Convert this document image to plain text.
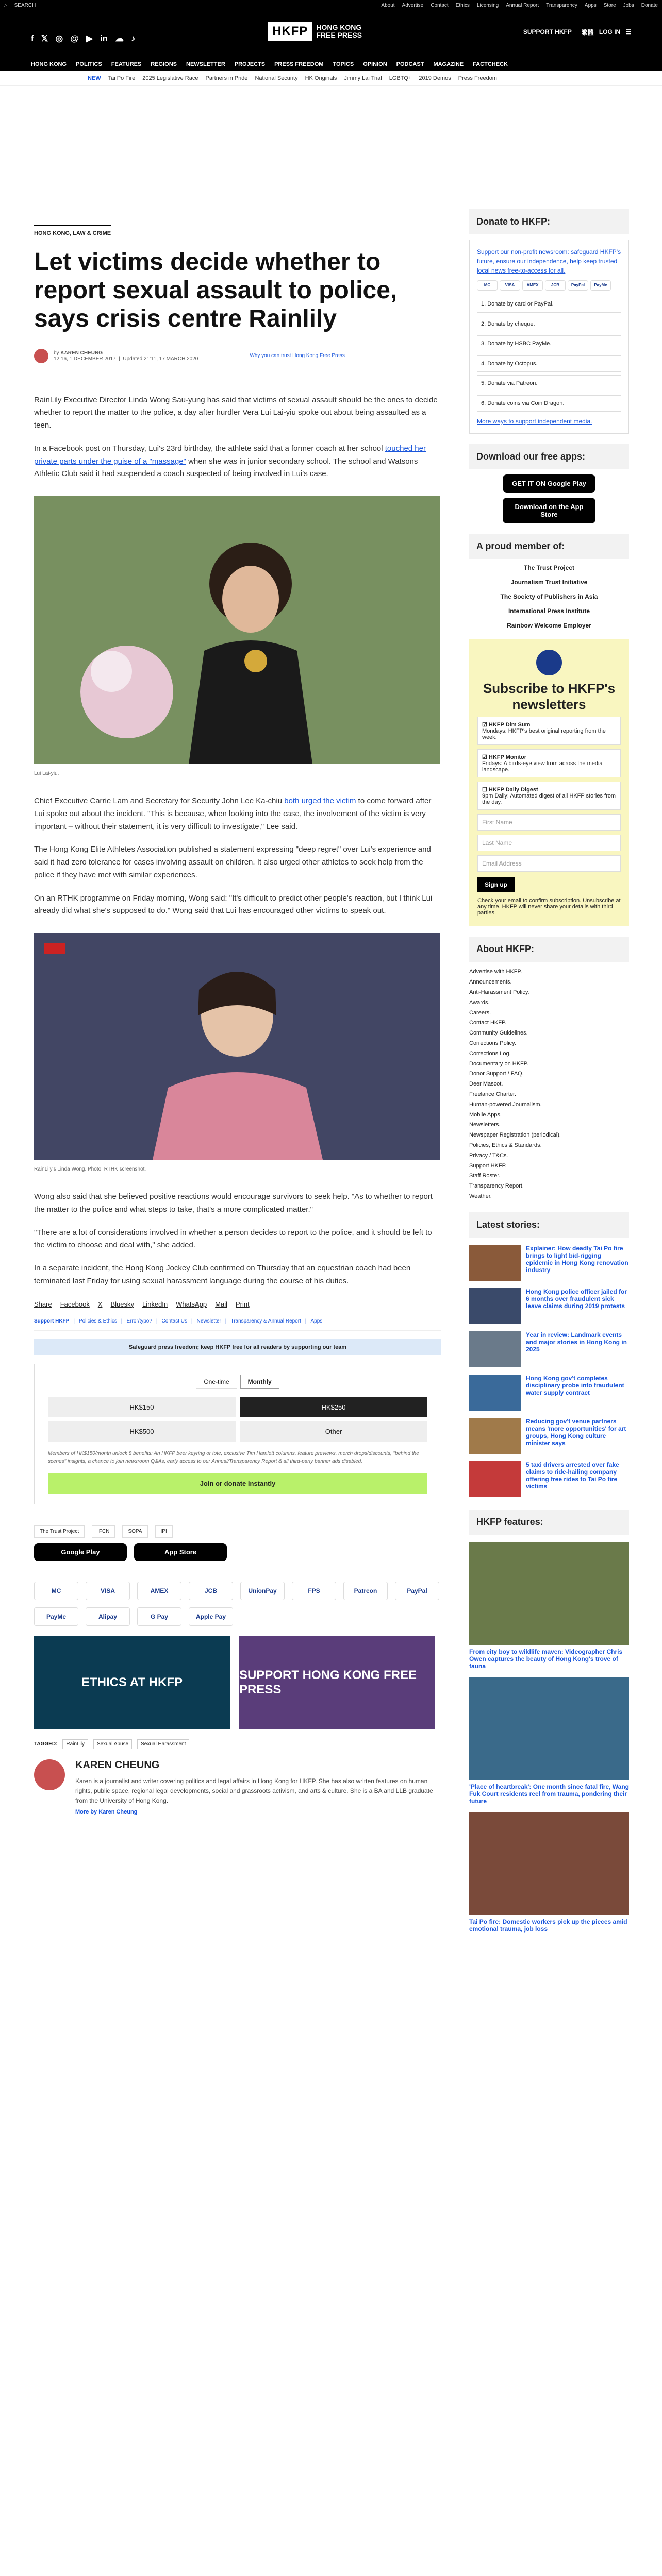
⌕ SEARCH	About Advertise Contact Ethics Licensing Annual Report Transparency Apps Store Jobs Donate
f 𝕏 ◎ @ ▶ in ☁ ♪
HKFP	HONG KONG
FREE PRESS	SUPPORT HKFP	繁體 LOG IN ☰
HONG KONG POLITICS FEATURES REGIONS NEWSLETTER PROJECTS PRESS FREEDOM TOPICS OPINION PODCAST MAGAZINE FACTCHECK
NEW Tai Po Fire 2025 Legislative Race Partners in Pride National Security HK Originals Jimmy Lai Trial LGBTQ+ 2019 Demos Press Freedom
HONG KONG, LAW & CRIME
Let victims decide whether to report sexual assault to police, says crisis centre Rainlily
by KAREN CHEUNG
12:16, 1 DECEMBER 2017  |  Updated 21:11, 17 MARCH 2020	Why you can trust Hong Kong Free Press

RainLily Executive Director Linda Wong Sau-yung has said that victims of sexual assault should be the ones to decide whether to report the matter to the police, a day after hurdler Vera Lui Lai-yiu spoke out about being assaulted as a teen.

In a Facebook post on Thursday, Lui's 23rd birthday, the athlete said that a former coach at her school touched her private parts under the guise of a "massage" when she was in junior secondary school. The school and Watsons Athletic Club said it had suspended a coach suspected of being involved in Lui's case.

Lui Lai-yiu.

Chief Executive Carrie Lam and Secretary for Security John Lee Ka-chiu both urged the victim to come forward after Lui spoke out about the incident. "This is because, when looking into the case, the involvement of the victim is very important – without their statement, it is very difficult to investigate," Lee said.

The Hong Kong Elite Athletes Association published a statement expressing "deep regret" over Lui's experience and said it had zero tolerance for cases involving assault on children. It also urged other athletes to seek help from the police if they have met with similar experiences.

On an RTHK programme on Friday morning, Wong said: "It's difficult to predict other people's reaction, but I think Lui already did what she's supposed to do." Wong said that Lui has encouraged other victims to speak out.

RainLily's Linda Wong. Photo: RTHK screenshot.

Wong also said that she believed positive reactions would encourage survivors to seek help. "As to whether to report the matter to the police and what steps to take, that's a more complicated matter."

"There are a lot of considerations involved in whether a person decides to report to the police, and it should be left to the victim to choose and deal with," she added.

In a separate incident, the Hong Kong Jockey Club confirmed on Thursday that an equestrian coach had been terminated last Friday for using sexual harassment language during the course of his duties.

Share Facebook X Bluesky LinkedIn WhatsApp Mail Print
Support HKFP | Policies & Ethics | Error/typo? | Contact Us | Newsletter | Transparency & Annual Report | Apps
Safeguard press freedom; keep HKFP free for all readers by supporting our team
One-time	Monthly
HK$150	HK$250
HK$500	Other
Members of HK$150/month unlock 8 benefits: An HKFP beer keyring or tote, exclusive Tim Hamlett columns, feature previews, merch drops/discounts, "behind the scenes" insights, a chance to join newsroom Q&As, early access to our Annual/Transparency Report & all third-party banner ads disabled.
Join or donate instantly
The Trust Project	IFCN	SOPA	IPI
Google Play	App Store
MC	VISA	AMEX	JCB	UnionPay	FPS	Patreon	PayPal
PayMe	Alipay	G Pay	Apple Pay
ETHICS AT HKFP
SUPPORT HONG KONG FREE PRESS
TAGGED:	RainLily	Sexual Abuse	Sexual Harassment
KAREN CHEUNG

Karen is a journalist and writer covering politics and legal affairs in Hong Kong for HKFP. She has also written features on human rights, public space, regional legal developments, social and grassroots activism, and arts & culture. She is a BA and LLB graduate from the University of Hong Kong.

More by Karen Cheung
Donate to HKFP:
Support our non-profit newsroom: safeguard HKFP's future, ensure our independence, help keep trusted local news free-to-access for all.
MC	VISA	AMEX	JCB	PayPal	PayMe
1. Donate by card or PayPal.
2. Donate by cheque.
3. Donate by HSBC PayMe.
4. Donate by Octopus.
5. Donate via Patreon.
6. Donate coins via Coin Dragon.
More ways to support independent media.
Download our free apps:
GET IT ON Google Play
Download on the App Store
A proud member of:
The Trust Project
Journalism Trust Initiative
The Society of Publishers in Asia
International Press Institute
Rainbow Welcome Employer
Subscribe to HKFP's newsletters
☑ HKFP Dim Sum
Mondays: HKFP's best original reporting from the week.
☑ HKFP Monitor
Fridays: A birds-eye view from across the media landscape.
☐ HKFP Daily Digest
9pm Daily: Automated digest of all HKFP stories from the day.
First Name
Last Name
Email Address
Sign up

Check your email to confirm subscription. Unsubscribe at any time. HKFP will never share your details with third parties.

About HKFP:
Advertise with HKFP.
Announcements.
Anti-Harassment Policy.
Awards.
Careers.
Contact HKFP.
Community Guidelines.
Corrections Policy.
Corrections Log.
Documentary on HKFP.
Donor Support / FAQ.
Deer Mascot.
Freelance Charter.
Human-powered Journalism.
Mobile Apps.
Newsletters.
Newspaper Registration (periodical).
Policies, Ethics & Standards.
Privacy / T&Cs.
Support HKFP.
Staff Roster.
Transparency Report.
Weather.
Latest stories:
Explainer: How deadly Tai Po fire brings to light bid-rigging epidemic in Hong Kong renovation industry
Hong Kong police officer jailed for 6 months over fraudulent sick leave claims during 2019 protests
Year in review: Landmark events and major stories in Hong Kong in 2025
Hong Kong gov't completes disciplinary probe into fraudulent water supply contract
Reducing gov't venue partners means 'more opportunities' for art groups, Hong Kong culture minister says
5 taxi drivers arrested over fake claims to ride-hailing company offering free rides to Tai Po fire victims
HKFP features:

From city boy to wildlife maven: Videographer Chris Owen captures the beauty of Hong Kong's trove of fauna

'Place of heartbreak': One month since fatal fire, Wang Fuk Court residents reel from trauma, pondering their future

Tai Po fire: Domestic workers pick up the pieces amid emotional trauma, job loss
